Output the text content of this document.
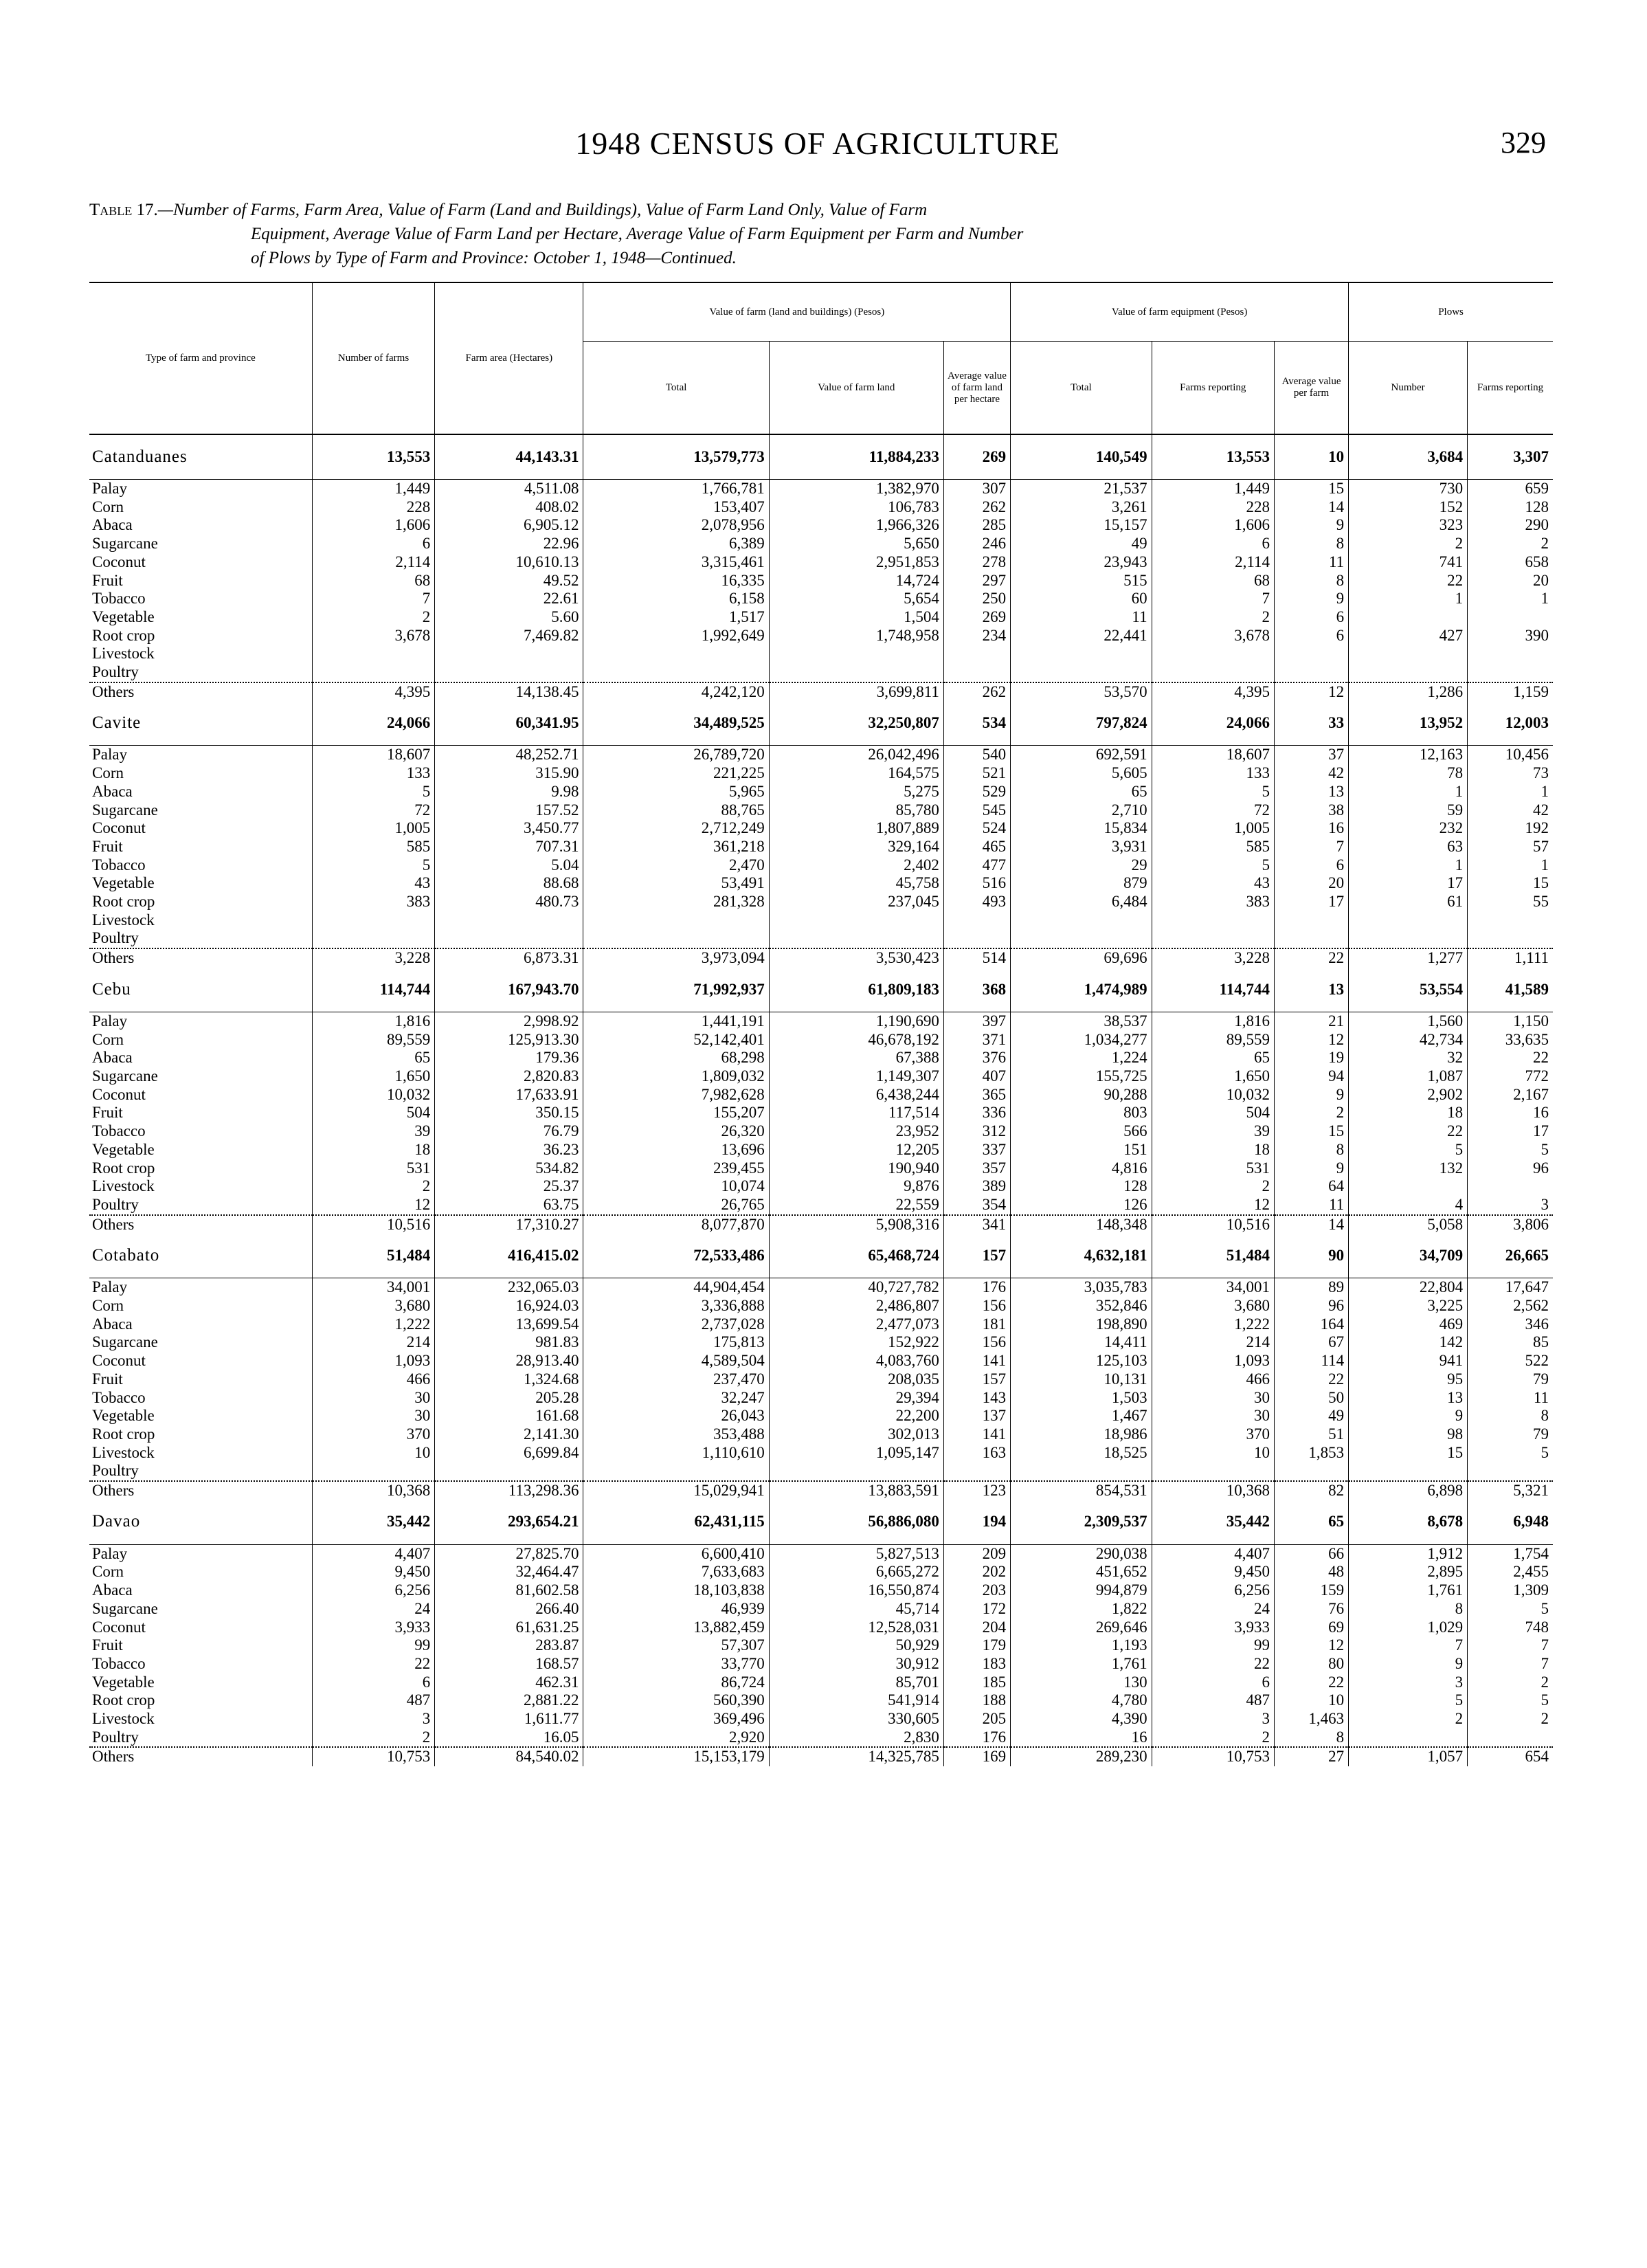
1948 CENSUS OF AGRICULTURE	329
Table 17.—Number of Farms, Farm Area, Value of Farm (Land and Buildings), Value of Farm Land Only, Value of Farm
Equipment, Average Value of Farm Land per Hectare, Average Value of Farm Equipment per Farm and Number
of Plows by Type of Farm and Province: October 1, 1948—Continued.
Type of farm and province	Number of farms	Farm area (Hectares)	Value of farm (land and buildings) (Pesos)			Value of farm equipment (Pesos)			Plows	
			Total	Value of farm land	Average value of farm land per hectare	Total	Farms reporting	Average value per farm	Number	Farms reporting
Catanduanes	13,553	44,143.31	13,579,773	11,884,233	269	140,549	13,553	10	3,684	3,307
Palay	1,449	4,511.08	1,766,781	1,382,970	307	21,537	1,449	15	730	659
Corn	228	408.02	153,407	106,783	262	3,261	228	14	152	128
Abaca	1,606	6,905.12	2,078,956	1,966,326	285	15,157	1,606	9	323	290
Sugarcane	6	22.96	6,389	5,650	246	49	6	8	2	2
Coconut	2,114	10,610.13	3,315,461	2,951,853	278	23,943	2,114	11	741	658
Fruit	68	49.52	16,335	14,724	297	515	68	8	22	20
Tobacco	7	22.61	6,158	5,654	250	60	7	9	1	1
Vegetable	2	5.60	1,517	1,504	269	11	2	6		
Root crop	3,678	7,469.82	1,992,649	1,748,958	234	22,441	3,678	6	427	390
Livestock										
Poultry										
Others	4,395	14,138.45	4,242,120	3,699,811	262	53,570	4,395	12	1,286	1,159
Cavite	24,066	60,341.95	34,489,525	32,250,807	534	797,824	24,066	33	13,952	12,003
Palay	18,607	48,252.71	26,789,720	26,042,496	540	692,591	18,607	37	12,163	10,456
Corn	133	315.90	221,225	164,575	521	5,605	133	42	78	73
Abaca	5	9.98	5,965	5,275	529	65	5	13	1	1
Sugarcane	72	157.52	88,765	85,780	545	2,710	72	38	59	42
Coconut	1,005	3,450.77	2,712,249	1,807,889	524	15,834	1,005	16	232	192
Fruit	585	707.31	361,218	329,164	465	3,931	585	7	63	57
Tobacco	5	5.04	2,470	2,402	477	29	5	6	1	1
Vegetable	43	88.68	53,491	45,758	516	879	43	20	17	15
Root crop	383	480.73	281,328	237,045	493	6,484	383	17	61	55
Livestock										
Poultry										
Others	3,228	6,873.31	3,973,094	3,530,423	514	69,696	3,228	22	1,277	1,111
Cebu	114,744	167,943.70	71,992,937	61,809,183	368	1,474,989	114,744	13	53,554	41,589
Palay	1,816	2,998.92	1,441,191	1,190,690	397	38,537	1,816	21	1,560	1,150
Corn	89,559	125,913.30	52,142,401	46,678,192	371	1,034,277	89,559	12	42,734	33,635
Abaca	65	179.36	68,298	67,388	376	1,224	65	19	32	22
Sugarcane	1,650	2,820.83	1,809,032	1,149,307	407	155,725	1,650	94	1,087	772
Coconut	10,032	17,633.91	7,982,628	6,438,244	365	90,288	10,032	9	2,902	2,167
Fruit	504	350.15	155,207	117,514	336	803	504	2	18	16
Tobacco	39	76.79	26,320	23,952	312	566	39	15	22	17
Vegetable	18	36.23	13,696	12,205	337	151	18	8	5	5
Root crop	531	534.82	239,455	190,940	357	4,816	531	9	132	96
Livestock	2	25.37	10,074	9,876	389	128	2	64		
Poultry	12	63.75	26,765	22,559	354	126	12	11	4	3
Others	10,516	17,310.27	8,077,870	5,908,316	341	148,348	10,516	14	5,058	3,806
Cotabato	51,484	416,415.02	72,533,486	65,468,724	157	4,632,181	51,484	90	34,709	26,665
Palay	34,001	232,065.03	44,904,454	40,727,782	176	3,035,783	34,001	89	22,804	17,647
Corn	3,680	16,924.03	3,336,888	2,486,807	156	352,846	3,680	96	3,225	2,562
Abaca	1,222	13,699.54	2,737,028	2,477,073	181	198,890	1,222	164	469	346
Sugarcane	214	981.83	175,813	152,922	156	14,411	214	67	142	85
Coconut	1,093	28,913.40	4,589,504	4,083,760	141	125,103	1,093	114	941	522
Fruit	466	1,324.68	237,470	208,035	157	10,131	466	22	95	79
Tobacco	30	205.28	32,247	29,394	143	1,503	30	50	13	11
Vegetable	30	161.68	26,043	22,200	137	1,467	30	49	9	8
Root crop	370	2,141.30	353,488	302,013	141	18,986	370	51	98	79
Livestock	10	6,699.84	1,110,610	1,095,147	163	18,525	10	1,853	15	5
Poultry										
Others	10,368	113,298.36	15,029,941	13,883,591	123	854,531	10,368	82	6,898	5,321
Davao	35,442	293,654.21	62,431,115	56,886,080	194	2,309,537	35,442	65	8,678	6,948
Palay	4,407	27,825.70	6,600,410	5,827,513	209	290,038	4,407	66	1,912	1,754
Corn	9,450	32,464.47	7,633,683	6,665,272	202	451,652	9,450	48	2,895	2,455
Abaca	6,256	81,602.58	18,103,838	16,550,874	203	994,879	6,256	159	1,761	1,309
Sugarcane	24	266.40	46,939	45,714	172	1,822	24	76	8	5
Coconut	3,933	61,631.25	13,882,459	12,528,031	204	269,646	3,933	69	1,029	748
Fruit	99	283.87	57,307	50,929	179	1,193	99	12	7	7
Tobacco	22	168.57	33,770	30,912	183	1,761	22	80	9	7
Vegetable	6	462.31	86,724	85,701	185	130	6	22	3	2
Root crop	487	2,881.22	560,390	541,914	188	4,780	487	10	5	5
Livestock	3	1,611.77	369,496	330,605	205	4,390	3	1,463	2	2
Poultry	2	16.05	2,920	2,830	176	16	2	8		
Others	10,753	84,540.02	15,153,179	14,325,785	169	289,230	10,753	27	1,057	654
